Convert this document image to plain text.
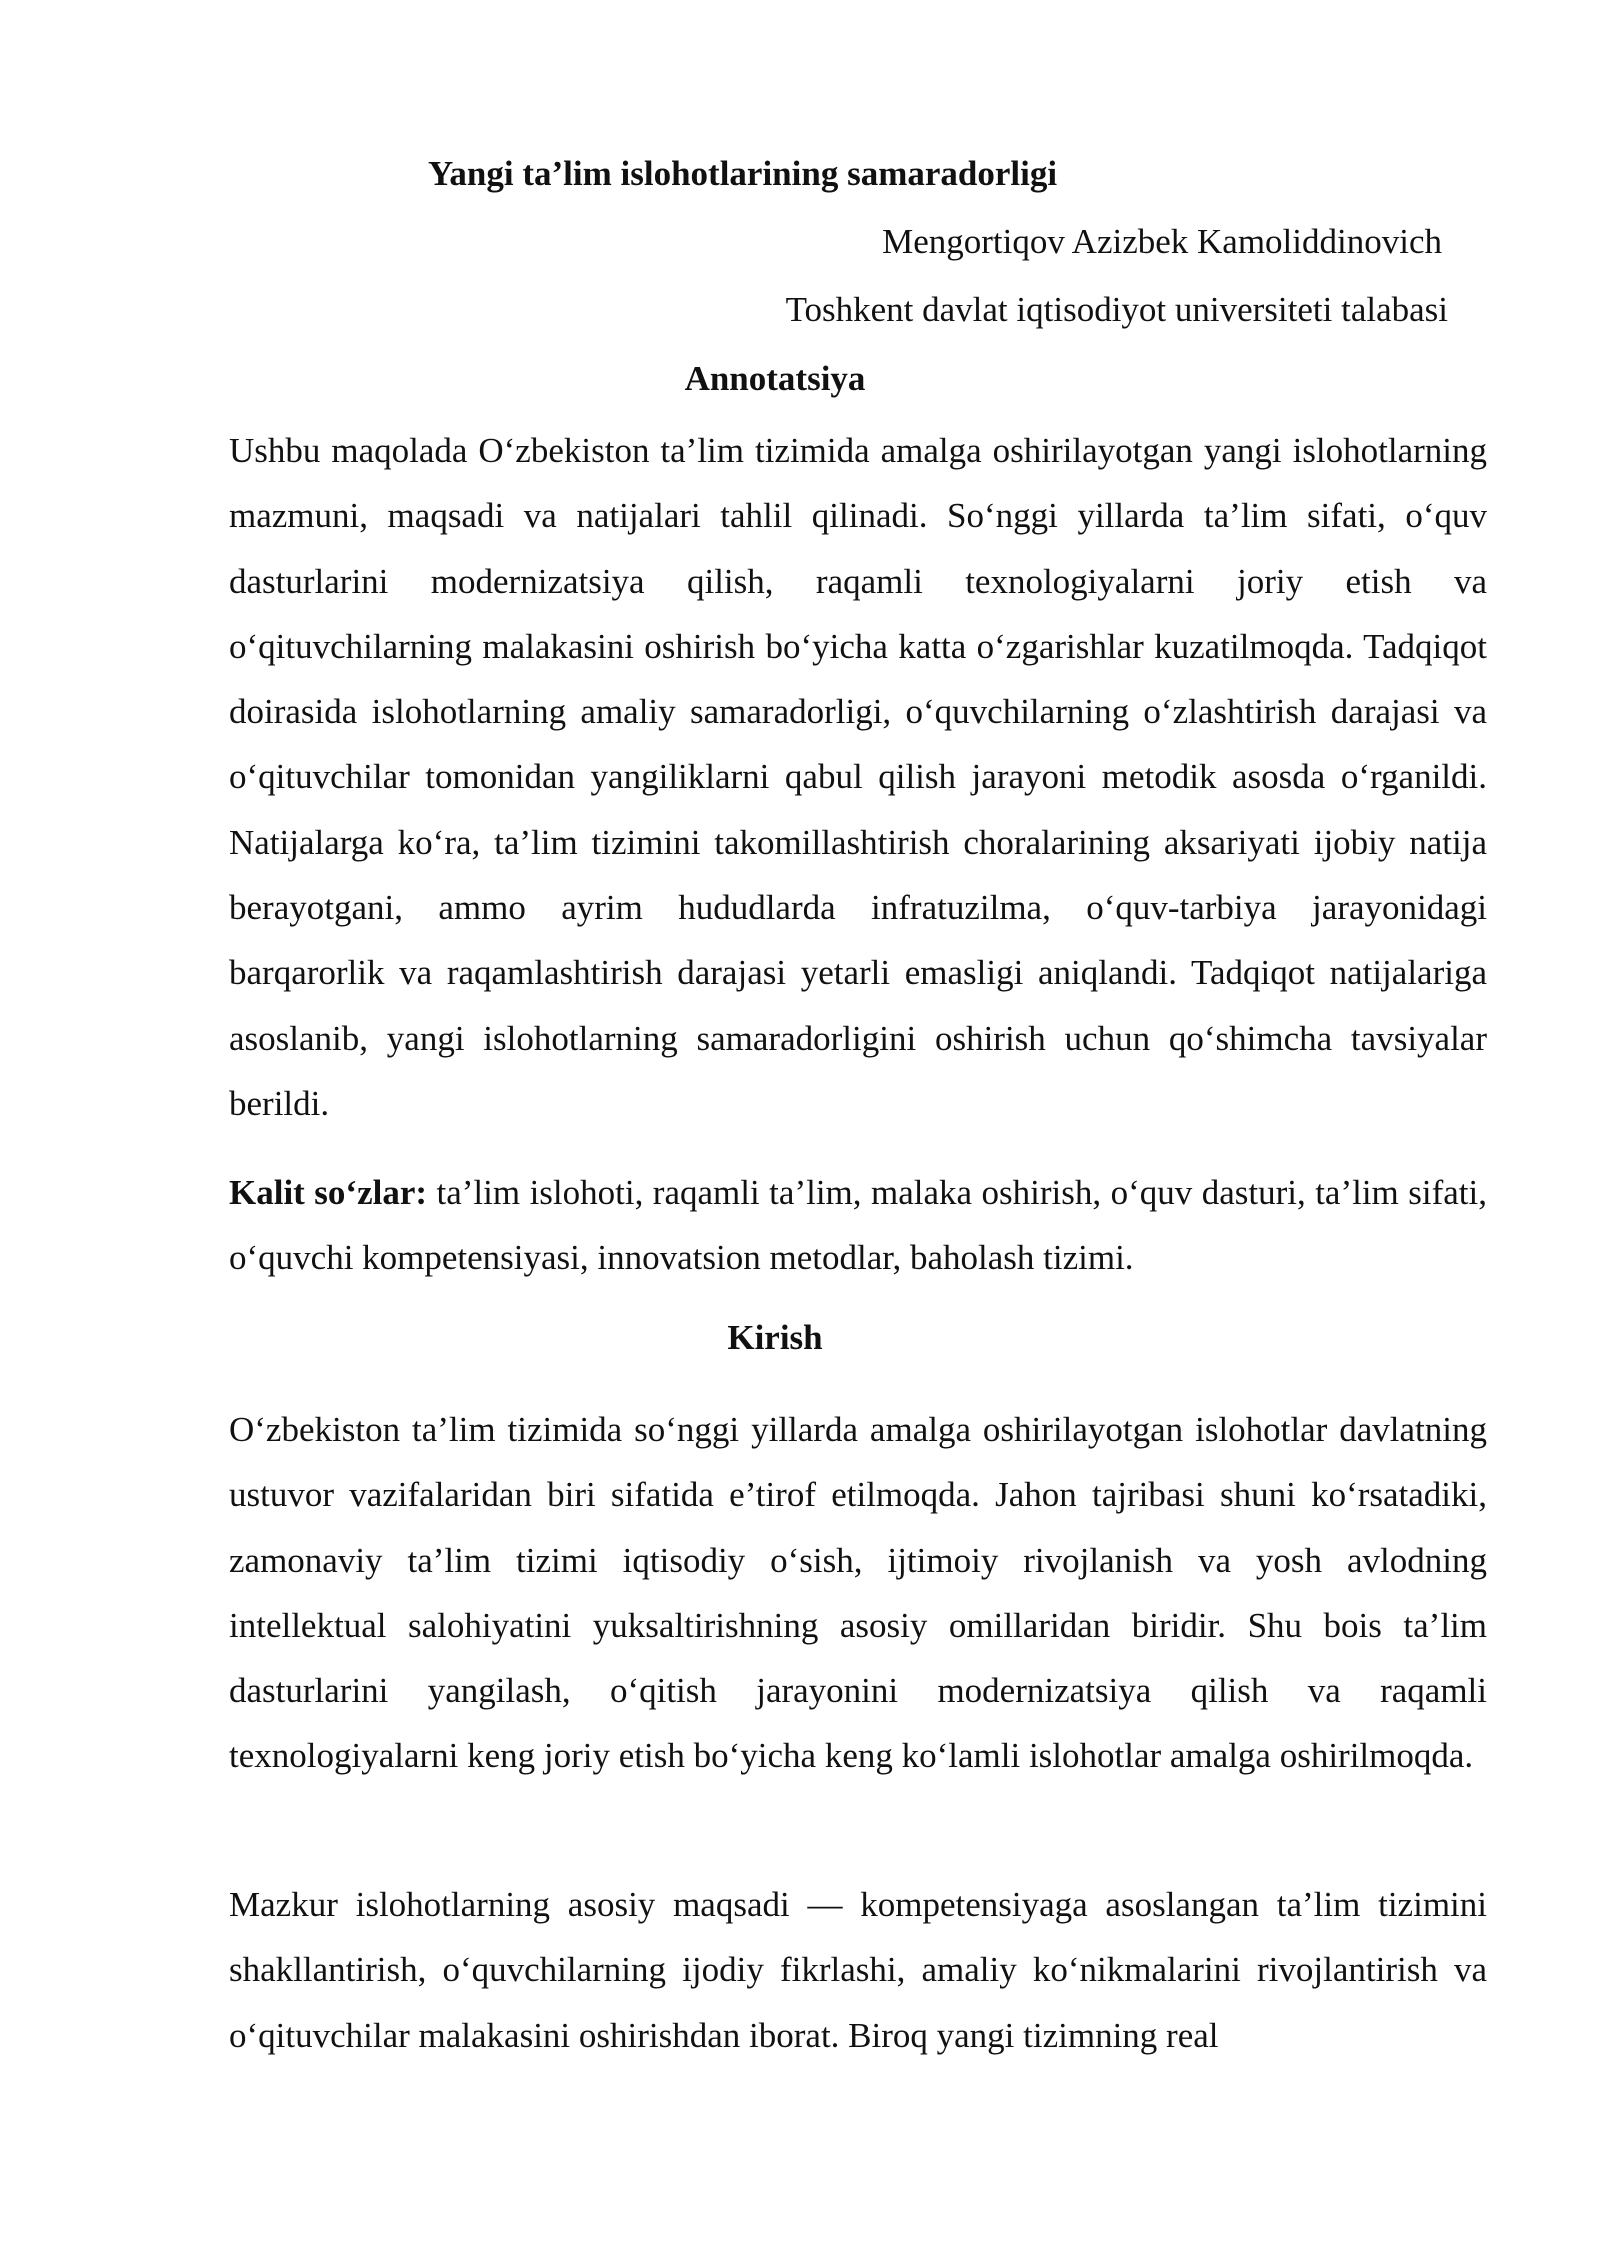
Yangi ta’lim islohotlarining samaradorligi
Mengortiqov Azizbek Kamoliddinovich
Toshkent davlat iqtisodiyot universiteti talabasi
Annotatsiya

Ushbu maqolada O‘zbekiston ta’lim tizimida amalga oshirilayotgan yangi islohotlarning mazmuni, maqsadi va natijalari tahlil qilinadi. So‘nggi yillarda ta’lim sifati, o‘quv dasturlarini modernizatsiya qilish, raqamli texnologiyalarni joriy etish va o‘qituvchilarning malakasini oshirish bo‘yicha katta o‘zgarishlar kuzatilmoqda. Tadqiqot doirasida islohotlarning amaliy samaradorligi, o‘quvchilarning o‘zlashtirish darajasi va o‘qituvchilar tomonidan yangiliklarni qabul qilish jarayoni metodik asosda o‘rganildi. Natijalarga ko‘ra, ta’lim tizimini takomillashtirish choralarining aksariyati ijobiy natija berayotgani, ammo ayrim hududlarda infratuzilma, o‘quv-tarbiya jarayonidagi barqarorlik va raqamlashtirish darajasi yetarli emasligi aniqlandi. Tadqiqot natijalariga asoslanib, yangi islohotlarning samaradorligini oshirish uchun qo‘shimcha tavsiyalar berildi.

Kalit so‘zlar: ta’lim islohoti, raqamli ta’lim, malaka oshirish, o‘quv dasturi, ta’lim sifati, o‘quvchi kompetensiyasi, innovatsion metodlar, baholash tizimi.

Kirish

O‘zbekiston ta’lim tizimida so‘nggi yillarda amalga oshirilayotgan islohotlar davlatning ustuvor vazifalaridan biri sifatida e’tirof etilmoqda. Jahon tajribasi shuni ko‘rsatadiki, zamonaviy ta’lim tizimi iqtisodiy o‘sish, ijtimoiy rivojlanish va yosh avlodning intellektual salohiyatini yuksaltirishning asosiy omillaridan biridir. Shu bois ta’lim dasturlarini yangilash, o‘qitish jarayonini modernizatsiya qilish va raqamli texnologiyalarni keng joriy etish bo‘yicha keng ko‘lamli islohotlar amalga oshirilmoqda.

Mazkur islohotlarning asosiy maqsadi — kompetensiyaga asoslangan ta’lim tizimini shakllantirish, o‘quvchilarning ijodiy fikrlashi, amaliy ko‘nikmalarini rivojlantirish va o‘qituvchilar malakasini oshirishdan iborat. Biroq yangi tizimning real
